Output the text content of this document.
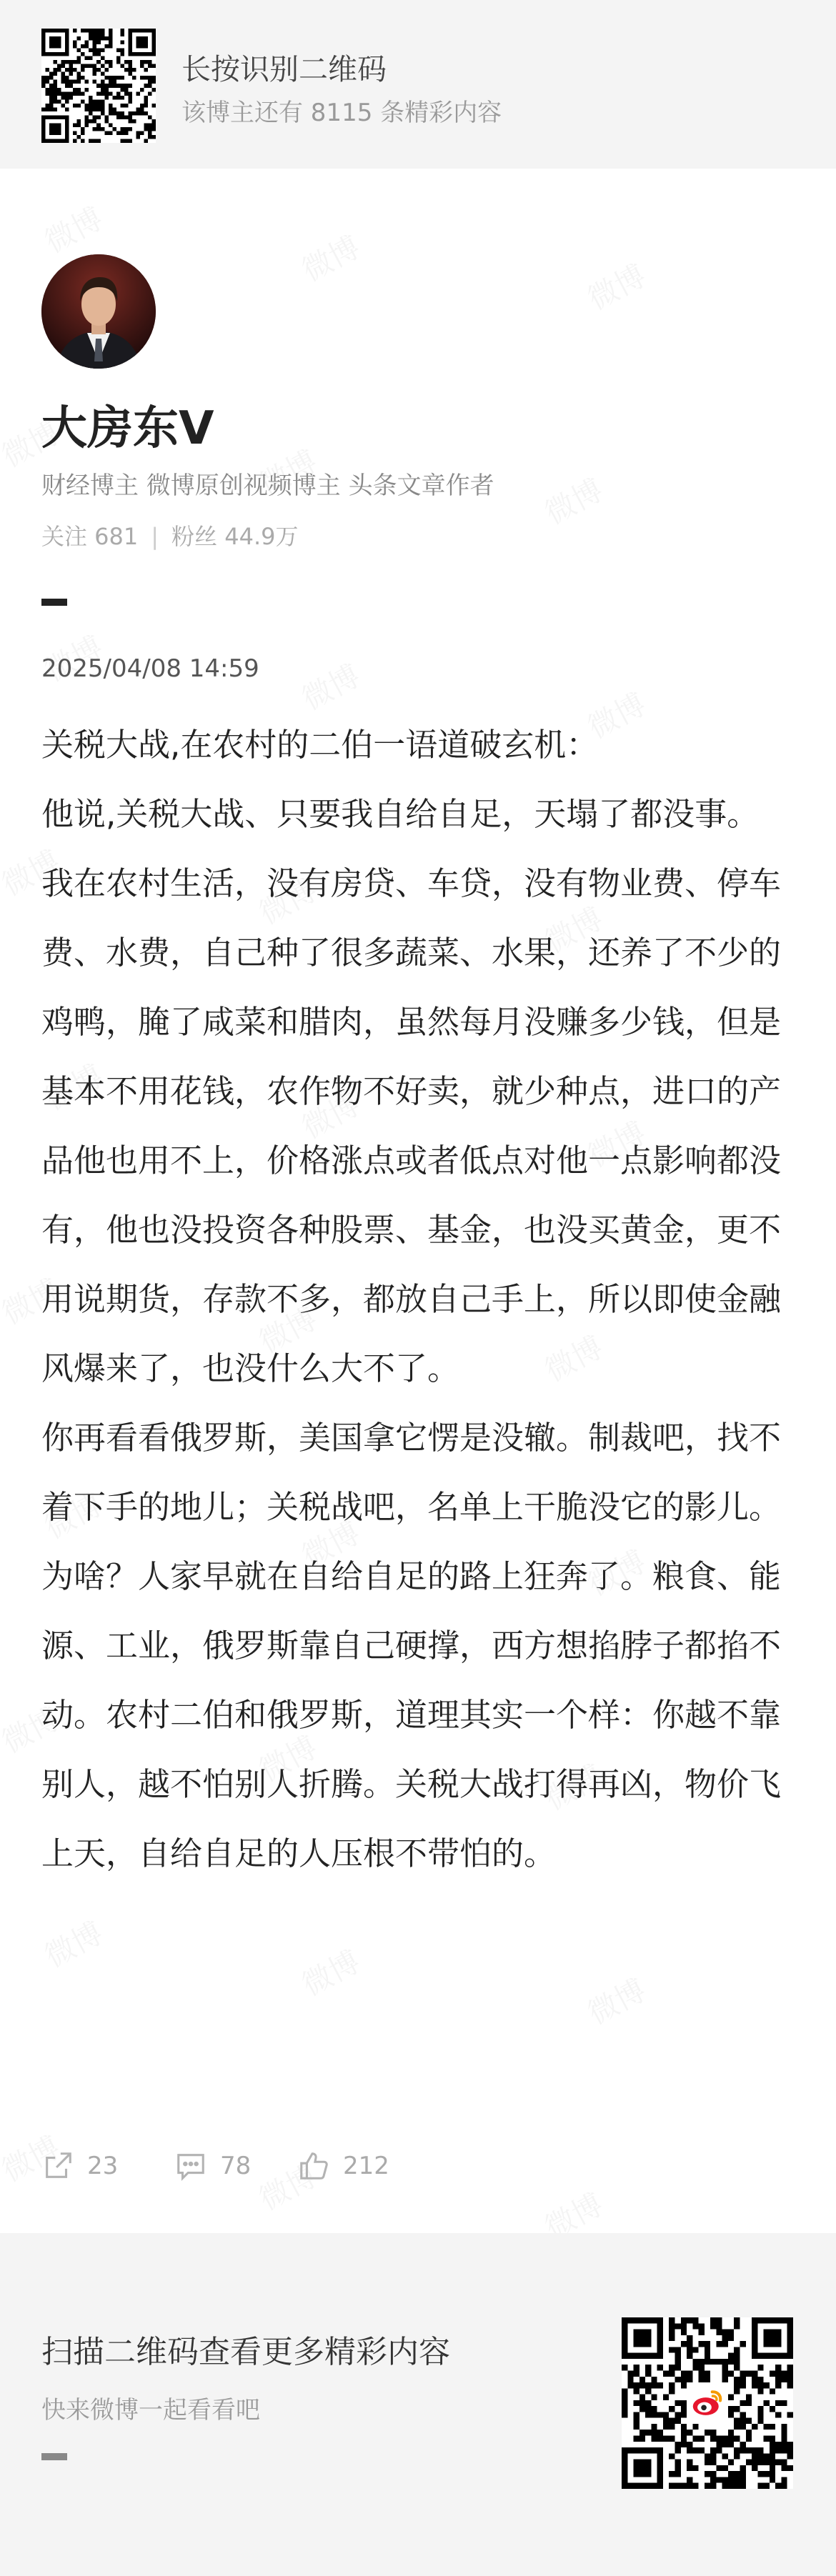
长按识别二维码
该博主还有 8115 条精彩内容
大房东V
财经博主 微博原创视频博主 头条文章作者
关注 681 | 粉丝 44.9万
2025/04/08 14:59

关税大战,在农村的二伯一语道破玄机：

他说,关税大战、只要我自给自足，天塌了都没事。

我在农村生活，没有房贷、车贷，没有物业费、停车费、水费，自己种了很多蔬菜、水果，还养了不少的鸡鸭，腌了咸菜和腊肉，虽然每月没赚多少钱，但是基本不用花钱，农作物不好卖，就少种点，进口的产品他也用不上，价格涨点或者低点对他一点影响都没有，他也没投资各种股票、基金，也没买黄金，更不用说期货，存款不多，都放自己手上，所以即使金融风爆来了，也没什么大不了。

你再看看俄罗斯，美国拿它愣是没辙。制裁吧，找不着下手的地儿；关税战吧，名单上干脆没它的影儿。为啥？人家早就在自给自足的路上狂奔了。粮食、能源、工业，俄罗斯靠自己硬撑，西方想掐脖子都掐不动。农村二伯和俄罗斯，道理其实一个样：你越不靠别人，越不怕别人折腾。关税大战打得再凶，物价飞上天，自给自足的人压根不带怕的。

23	78	212
扫描二维码查看更多精彩内容
快来微博一起看看吧
